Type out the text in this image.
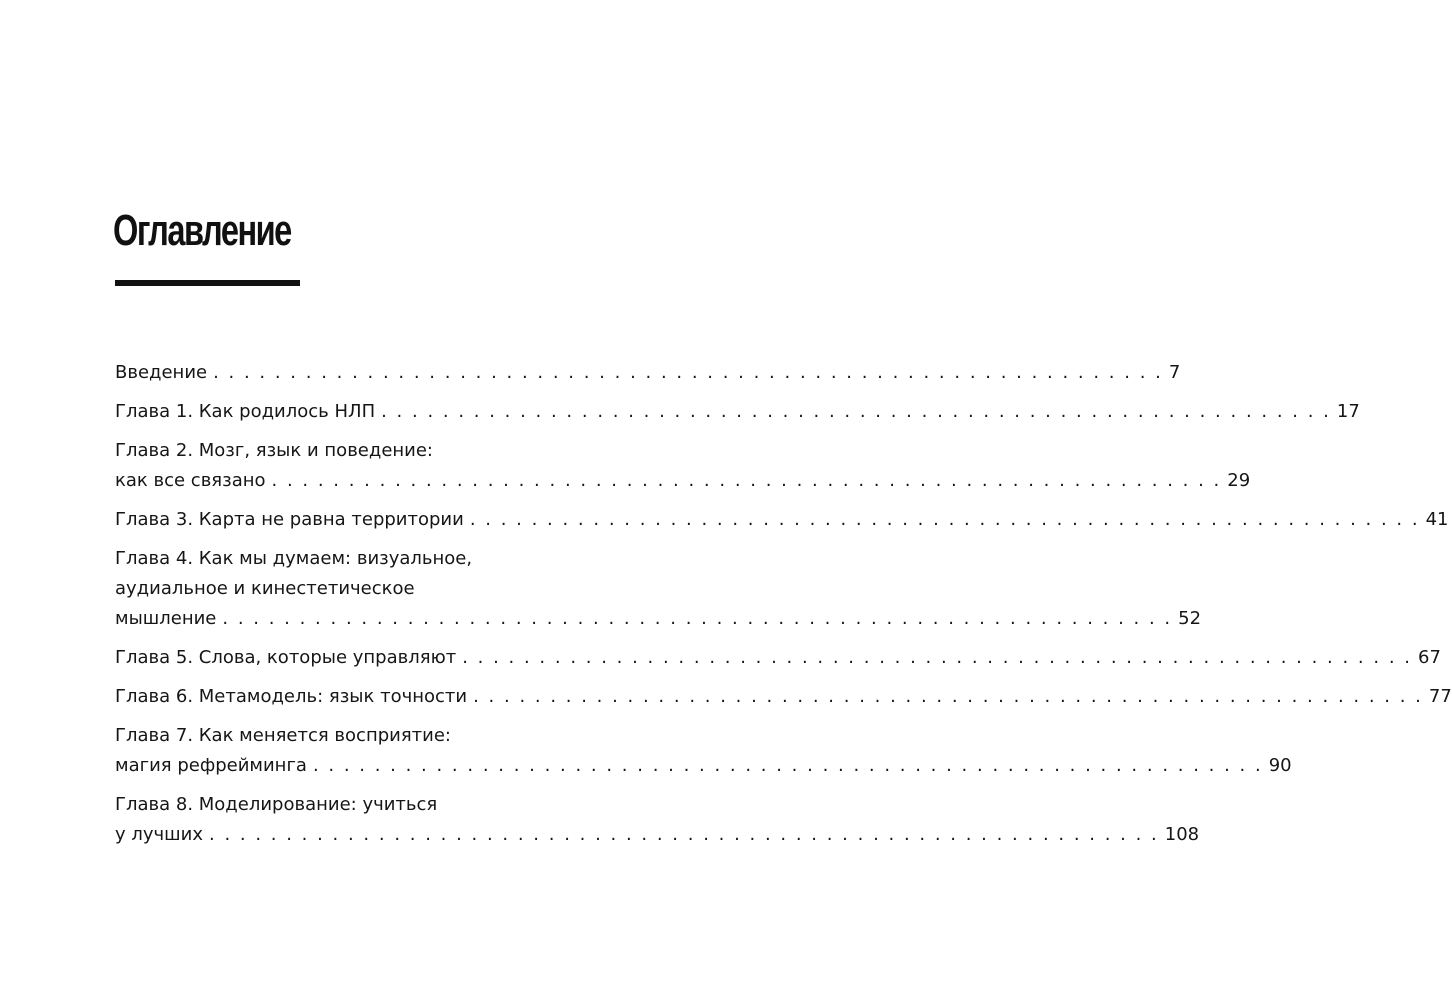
Оглавление
Введение . . . . . . . . . . . . . . . . . . . . . . . . . . . . . . . . . . . . . . . . . . . . . . . . . . . . . . . . . . . . . . 7
Глава 1. Как родилось НЛП . . . . . . . . . . . . . . . . . . . . . . . . . . . . . . . . . . . . . . . . . . . . . . . . . . . . . . . . . . . . . . 17
Глава 2. Мозг, язык и поведение:
как все связано . . . . . . . . . . . . . . . . . . . . . . . . . . . . . . . . . . . . . . . . . . . . . . . . . . . . . . . . . . . . . . 29
Глава 3. Карта не равна территории . . . . . . . . . . . . . . . . . . . . . . . . . . . . . . . . . . . . . . . . . . . . . . . . . . . . . . . . . . . . . . 41
Глава 4. Как мы думаем: визуальное,
аудиальное и кинестетическое
мышление . . . . . . . . . . . . . . . . . . . . . . . . . . . . . . . . . . . . . . . . . . . . . . . . . . . . . . . . . . . . . . 52
Глава 5. Слова, которые управляют . . . . . . . . . . . . . . . . . . . . . . . . . . . . . . . . . . . . . . . . . . . . . . . . . . . . . . . . . . . . . . 67
Глава 6. Метамодель: язык точности . . . . . . . . . . . . . . . . . . . . . . . . . . . . . . . . . . . . . . . . . . . . . . . . . . . . . . . . . . . . . . 77
Глава 7. Как меняется восприятие:
магия рефрейминга . . . . . . . . . . . . . . . . . . . . . . . . . . . . . . . . . . . . . . . . . . . . . . . . . . . . . . . . . . . . . . 90
Глава 8. Моделирование: учиться
у лучших . . . . . . . . . . . . . . . . . . . . . . . . . . . . . . . . . . . . . . . . . . . . . . . . . . . . . . . . . . . . . . 108
